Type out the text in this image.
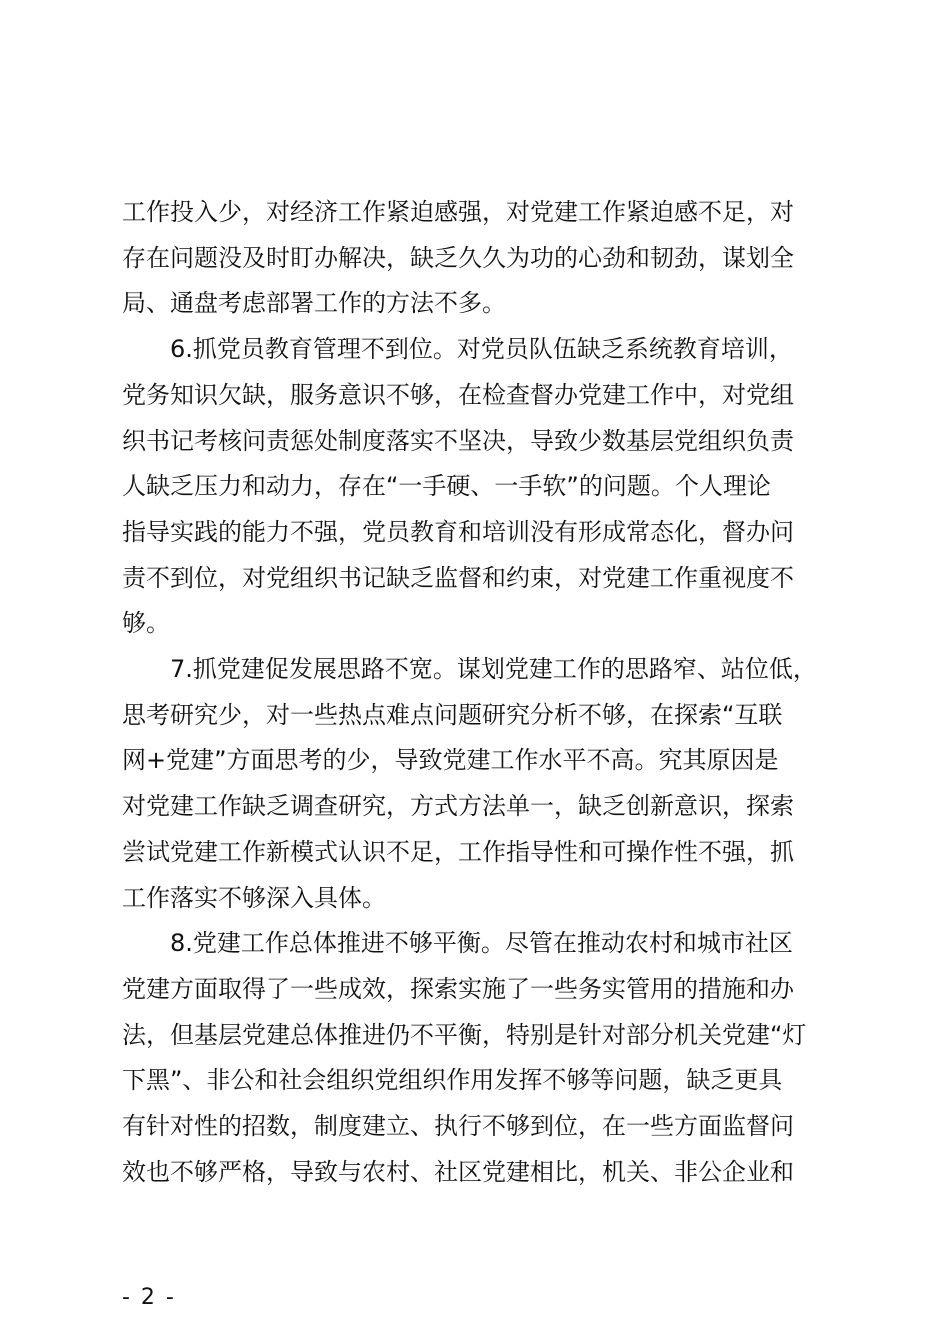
工作投入少，对经济工作紧迫感强，对党建工作紧迫感不足，对
存在问题没及时盯办解决，缺乏久久为功的心劲和韧劲，谋划全
局、通盘考虑部署工作的方法不多。

6.抓党员教育管理不到位。对党员队伍缺乏系统教育培训，
党务知识欠缺，服务意识不够，在检查督办党建工作中，对党组
织书记考核问责惩处制度落实不坚决，导致少数基层党组织负责
人缺乏压力和动力，存在“一手硬、一手软”的问题。个人理论
指导实践的能力不强，党员教育和培训没有形成常态化，督办问
责不到位，对党组织书记缺乏监督和约束，对党建工作重视度不
够。

7.抓党建促发展思路不宽。谋划党建工作的思路窄、站位低，
思考研究少，对一些热点难点问题研究分析不够，在探索“互联
网+党建”方面思考的少，导致党建工作水平不高。究其原因是
对党建工作缺乏调查研究，方式方法单一，缺乏创新意识，探索
尝试党建工作新模式认识不足，工作指导性和可操作性不强，抓
工作落实不够深入具体。

8.党建工作总体推进不够平衡。尽管在推动农村和城市社区
党建方面取得了一些成效，探索实施了一些务实管用的措施和办
法，但基层党建总体推进仍不平衡，特别是针对部分机关党建“灯
下黑”、非公和社会组织党组织作用发挥不够等问题，缺乏更具
有针对性的招数，制度建立、执行不够到位，在一些方面监督问
效也不够严格，导致与农村、社区党建相比，机关、非公企业和

- 2 -
